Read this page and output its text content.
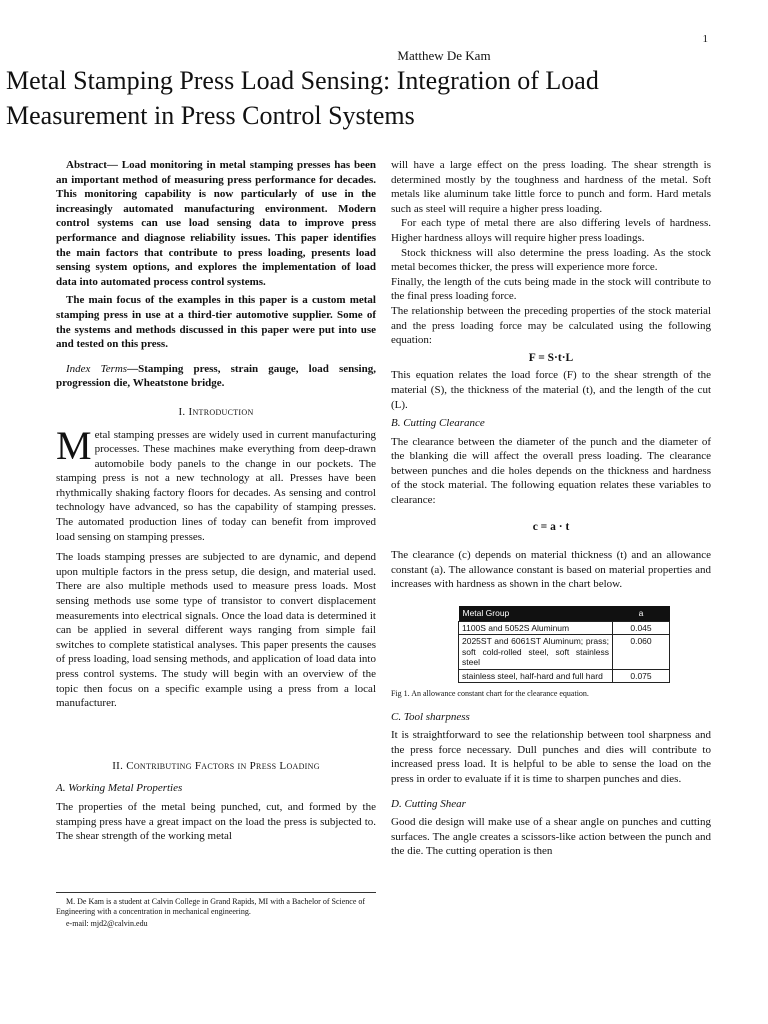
1
Matthew De Kam
Metal Stamping Press Load Sensing: Integration of Load Measurement in Press Control Systems

Abstract— Load monitoring in metal stamping presses has been an important method of measuring press performance for decades. This monitoring capability is now particularly of use in the increasingly automated manufacturing environment. Modern control systems can use load sensing data to improve press performance and diagnose reliability issues. This paper identifies the main factors that contribute to press loading, presents load sensing system options, and explores the implementation of load data into automated process control systems.

The main focus of the examples in this paper is a custom metal stamping press in use at a third-tier automotive supplier. Some of the systems and methods discussed in this paper were put into use and tested on this press.

Index Terms—Stamping press, strain gauge, load sensing, progression die, Wheatstone bridge.

I. Introduction

Metal stamping presses are widely used in current manufacturing processes. These machines make everything from deep-drawn automobile body panels to the change in our pockets. The stamping press is not a new technology at all. Presses have been rhythmically shaking factory floors for decades. As sensing and control technology have advanced, so has the capability of stamping presses. The automated production lines of today can benefit from improved load sensing on stamping presses.

The loads stamping presses are subjected to are dynamic, and depend upon multiple factors in the press setup, die design, and material used. There are also multiple methods used to measure press loads. Most sensing methods use some type of transistor to convert displacement measurements into electrical signals. Once the load data is determined it can be applied in several different ways ranging from simple fail switches to complete statistical analyses. This paper presents the causes of press loading, load sensing methods, and application of load data into press control systems. The study will begin with an overview of the topic then focus on a specific example using a press from a local manufacturer.

II. Contributing Factors in Press Loading
A. Working Metal Properties

The properties of the metal being punched, cut, and formed by the stamping press have a great impact on the load the press is subjected to. The shear strength of the working metal

will have a large effect on the press loading. The shear strength is determined mostly by the toughness and hardness of the metal. Soft metals like aluminum take little force to punch and form. Hard metals such as steel will require a higher press loading.

For each type of metal there are also differing levels of hardness. Higher hardness alloys will require higher press loadings.

Stock thickness will also determine the press loading. As the stock metal becomes thicker, the press will experience more force.

Finally, the length of the cuts being made in the stock will contribute to the final press loading force.

The relationship between the preceding properties of the stock material and the press loading force may be calculated using the following equation:

F = S·t·L

This equation relates the load force (F) to the shear strength of the material (S), the thickness of the material (t), and the length of the cut (L).

B. Cutting Clearance

The clearance between the diameter of the punch and the diameter of the blanking die will affect the overall press loading. The clearance between punches and die holes depends on the thickness and hardness of the stock material. The following equation relates these variables to clearance:

c = a · t

The clearance (c) depends on material thickness (t) and an allowance constant (a). The allowance constant is based on material properties and increases with hardness as shown in the chart below.

Metal Group	a
1100S and 5052S Aluminum	0.045
2025ST and 6061ST Aluminum; prass; soft cold-rolled steel, soft stainless steel	0.060
stainless steel, half-hard and full hard	0.075
Fig 1. An allowance constant chart for the clearance equation.
C. Tool sharpness

It is straightforward to see the relationship between tool sharpness and the press force necessary. Dull punches and dies will contribute to increased press load. It is helpful to be able to sense the load on the press in order to evaluate if it is time to sharpen punches and dies.

D. Cutting Shear

Good die design will make use of a shear angle on punches and cutting surfaces. The angle creates a scissors-like action between the punch and the die. The cutting operation is then

M. De Kam is a student at Calvin College in Grand Rapids, MI with a Bachelor of Science of Engineering with a concentration in mechanical engineering.

e-mail: mjd2@calvin.edu
